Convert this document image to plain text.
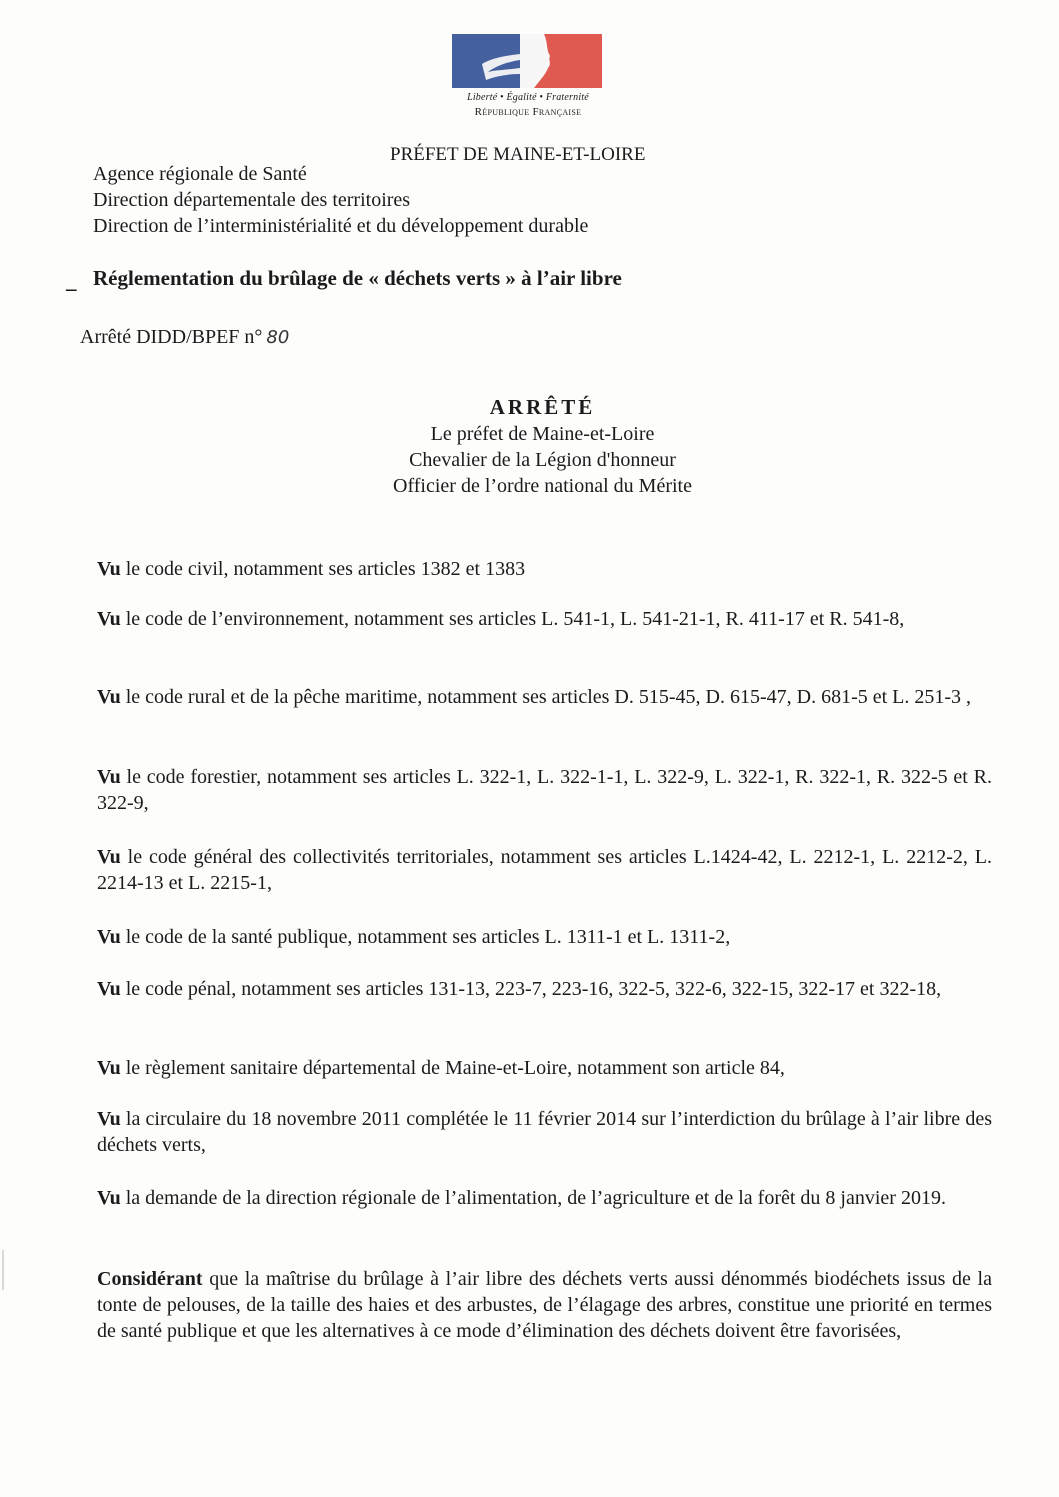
Liberté • Égalité • Fraternité
République Française
PRÉFET DE MAINE-ET-LOIRE
Agence régionale de Santé
Direction départementale des territoires
Direction de l’interministérialité et du développement durable
_ Réglementation du brûlage de « déchets verts » à l’air libre
Arrêté DIDD/BPEF n° 80
ARRÊTÉ
Le préfet de Maine-et-Loire
Chevalier de la Légion d'honneur
Officier de l’ordre national du Mérite

Vu le code civil, notamment ses articles 1382 et 1383

Vu le code de l’environnement, notamment ses articles L. 541-1, L. 541-21-1, R. 411-17 et R. 541-8,

Vu le code rural et de la pêche maritime, notamment ses articles D. 515-45, D. 615-47, D. 681-5 et L. 251-3 ,

Vu le code forestier, notamment ses articles L. 322-1, L. 322-1-1, L. 322-9, L. 322-1, R. 322-1, R. 322-5 et R. 322-9,

Vu le code général des collectivités territoriales, notamment ses articles L.1424-42, L. 2212-1, L. 2212-2, L. 2214-13 et L. 2215-1,

Vu le code de la santé publique, notamment ses articles L. 1311-1 et L. 1311-2,

Vu le code pénal, notamment ses articles 131-13, 223-7, 223-16, 322-5, 322-6, 322-15, 322-17 et 322-18,

Vu le règlement sanitaire départemental de Maine-et-Loire, notamment son article 84,

Vu la circulaire du 18 novembre 2011 complétée le 11 février 2014 sur l’interdiction du brûlage à l’air libre des déchets verts,

Vu la demande de la direction régionale de l’alimentation, de l’agriculture et de la forêt du 8 janvier 2019.

Considérant que la maîtrise du brûlage à l’air libre des déchets verts aussi dénommés biodéchets issus de la tonte de pelouses, de la taille des haies et des arbustes, de l’élagage des arbres, constitue une priorité en termes de santé publique et que les alternatives à ce mode d’élimination des déchets doivent être favorisées,
